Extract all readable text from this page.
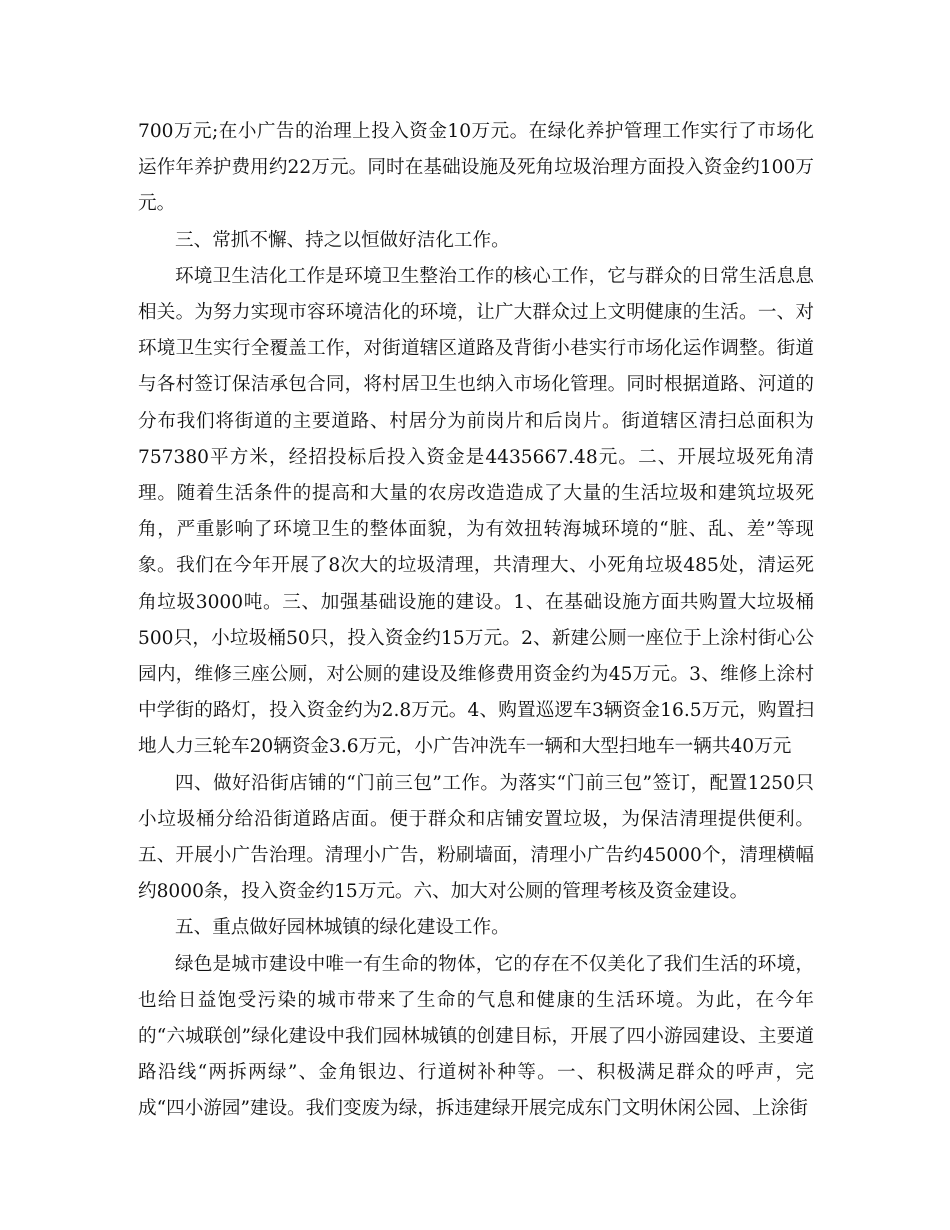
700万元;在小广告的治理上投入资金10万元。在绿化养护管理工作实行了市场化运作年养护费用约22万元。同时在基础设施及死角垃圾治理方面投入资金约100万元。

三、常抓不懈、持之以恒做好洁化工作。

环境卫生洁化工作是环境卫生整治工作的核心工作，它与群众的日常生活息息相关。为努力实现市容环境洁化的环境，让广大群众过上文明健康的生活。一、对环境卫生实行全覆盖工作，对街道辖区道路及背街小巷实行市场化运作调整。街道与各村签订保洁承包合同，将村居卫生也纳入市场化管理。同时根据道路、河道的分布我们将街道的主要道路、村居分为前岗片和后岗片。街道辖区清扫总面积为757380平方米，经招投标后投入资金是4435667.48元。二、开展垃圾死角清理。随着生活条件的提高和大量的农房改造造成了大量的生活垃圾和建筑垃圾死角，严重影响了环境卫生的整体面貌，为有效扭转海城环境的“脏、乱、差”等现象。我们在今年开展了8次大的垃圾清理，共清理大、小死角垃圾485处，清运死角垃圾3000吨。三、加强基础设施的建设。1、在基础设施方面共购置大垃圾桶500只，小垃圾桶50只，投入资金约15万元。2、新建公厕一座位于上涂村街心公园内，维修三座公厕，对公厕的建设及维修费用资金约为45万元。3、维修上涂村中学街的路灯，投入资金约为2.8万元。4、购置巡逻车3辆资金16.5万元，购置扫地人力三轮车20辆资金3.6万元，小广告冲洗车一辆和大型扫地车一辆共40万元

四、做好沿街店铺的“门前三包”工作。为落实“门前三包”签订，配置1250只小垃圾桶分给沿街道路店面。便于群众和店铺安置垃圾，为保洁清理提供便利。五、开展小广告治理。清理小广告，粉刷墙面，清理小广告约45000个，清理横幅约8000条，投入资金约15万元。六、加大对公厕的管理考核及资金建设。

五、重点做好园林城镇的绿化建设工作。

绿色是城市建设中唯一有生命的物体，它的存在不仅美化了我们生活的环境，也给日益饱受污染的城市带来了生命的气息和健康的生活环境。为此，在今年的“六城联创”绿化建设中我们园林城镇的创建目标，开展了四小游园建设、主要道路沿线“两拆两绿”、金角银边、行道树补种等。一、积极满足群众的呼声，完成“四小游园”建设。我们变废为绿，拆违建绿开展完成东门文明休闲公园、上涂街
